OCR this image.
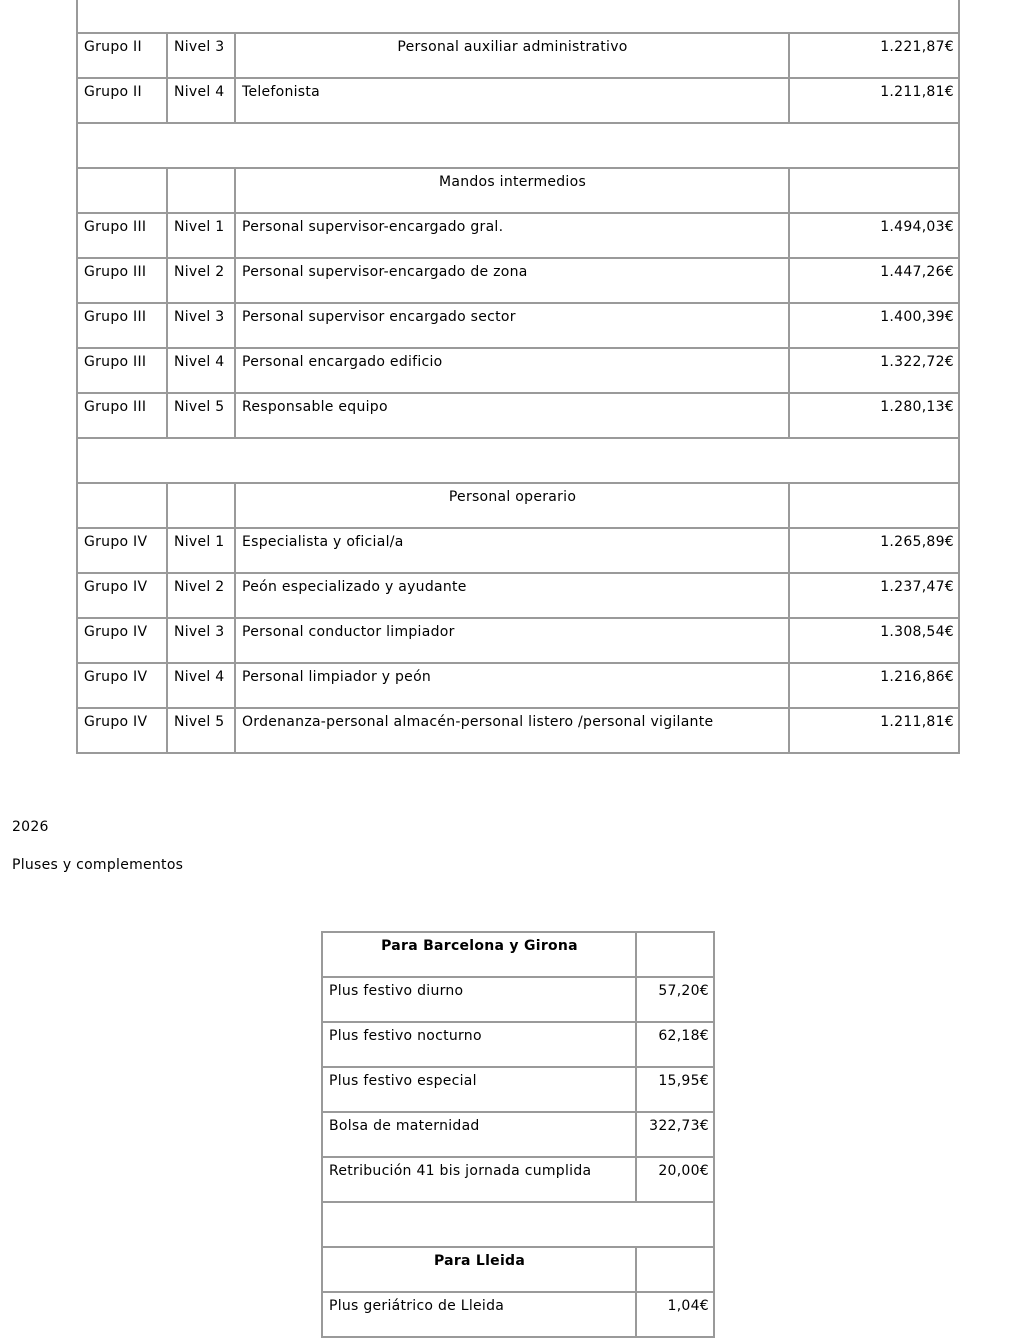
Grupo II	Nivel 3	Personal auxiliar administrativo	1.221,87€
Grupo II	Nivel 4	Telefonista	1.211,81€

		Mandos intermedios	
Grupo III	Nivel 1	Personal supervisor-encargado gral.	1.494,03€
Grupo III	Nivel 2	Personal supervisor-encargado de zona	1.447,26€
Grupo III	Nivel 3	Personal supervisor encargado sector	1.400,39€
Grupo III	Nivel 4	Personal encargado edificio	1.322,72€
Grupo III	Nivel 5	Responsable equipo	1.280,13€

		Personal operario	
Grupo IV	Nivel 1	Especialista y oficial/a	1.265,89€
Grupo IV	Nivel 2	Peón especializado y ayudante	1.237,47€
Grupo IV	Nivel 3	Personal conductor limpiador	1.308,54€
Grupo IV	Nivel 4	Personal limpiador y peón	1.216,86€
Grupo IV	Nivel 5	Ordenanza-personal almacén-personal listero /personal vigilante	1.211,81€
2026
Pluses y complementos
Para Barcelona y Girona	
Plus festivo diurno	57,20€
Plus festivo nocturno	62,18€
Plus festivo especial	15,95€
Bolsa de maternidad	322,73€
Retribución 41 bis jornada cumplida	20,00€

Para Lleida	
Plus geriátrico de Lleida	1,04€
